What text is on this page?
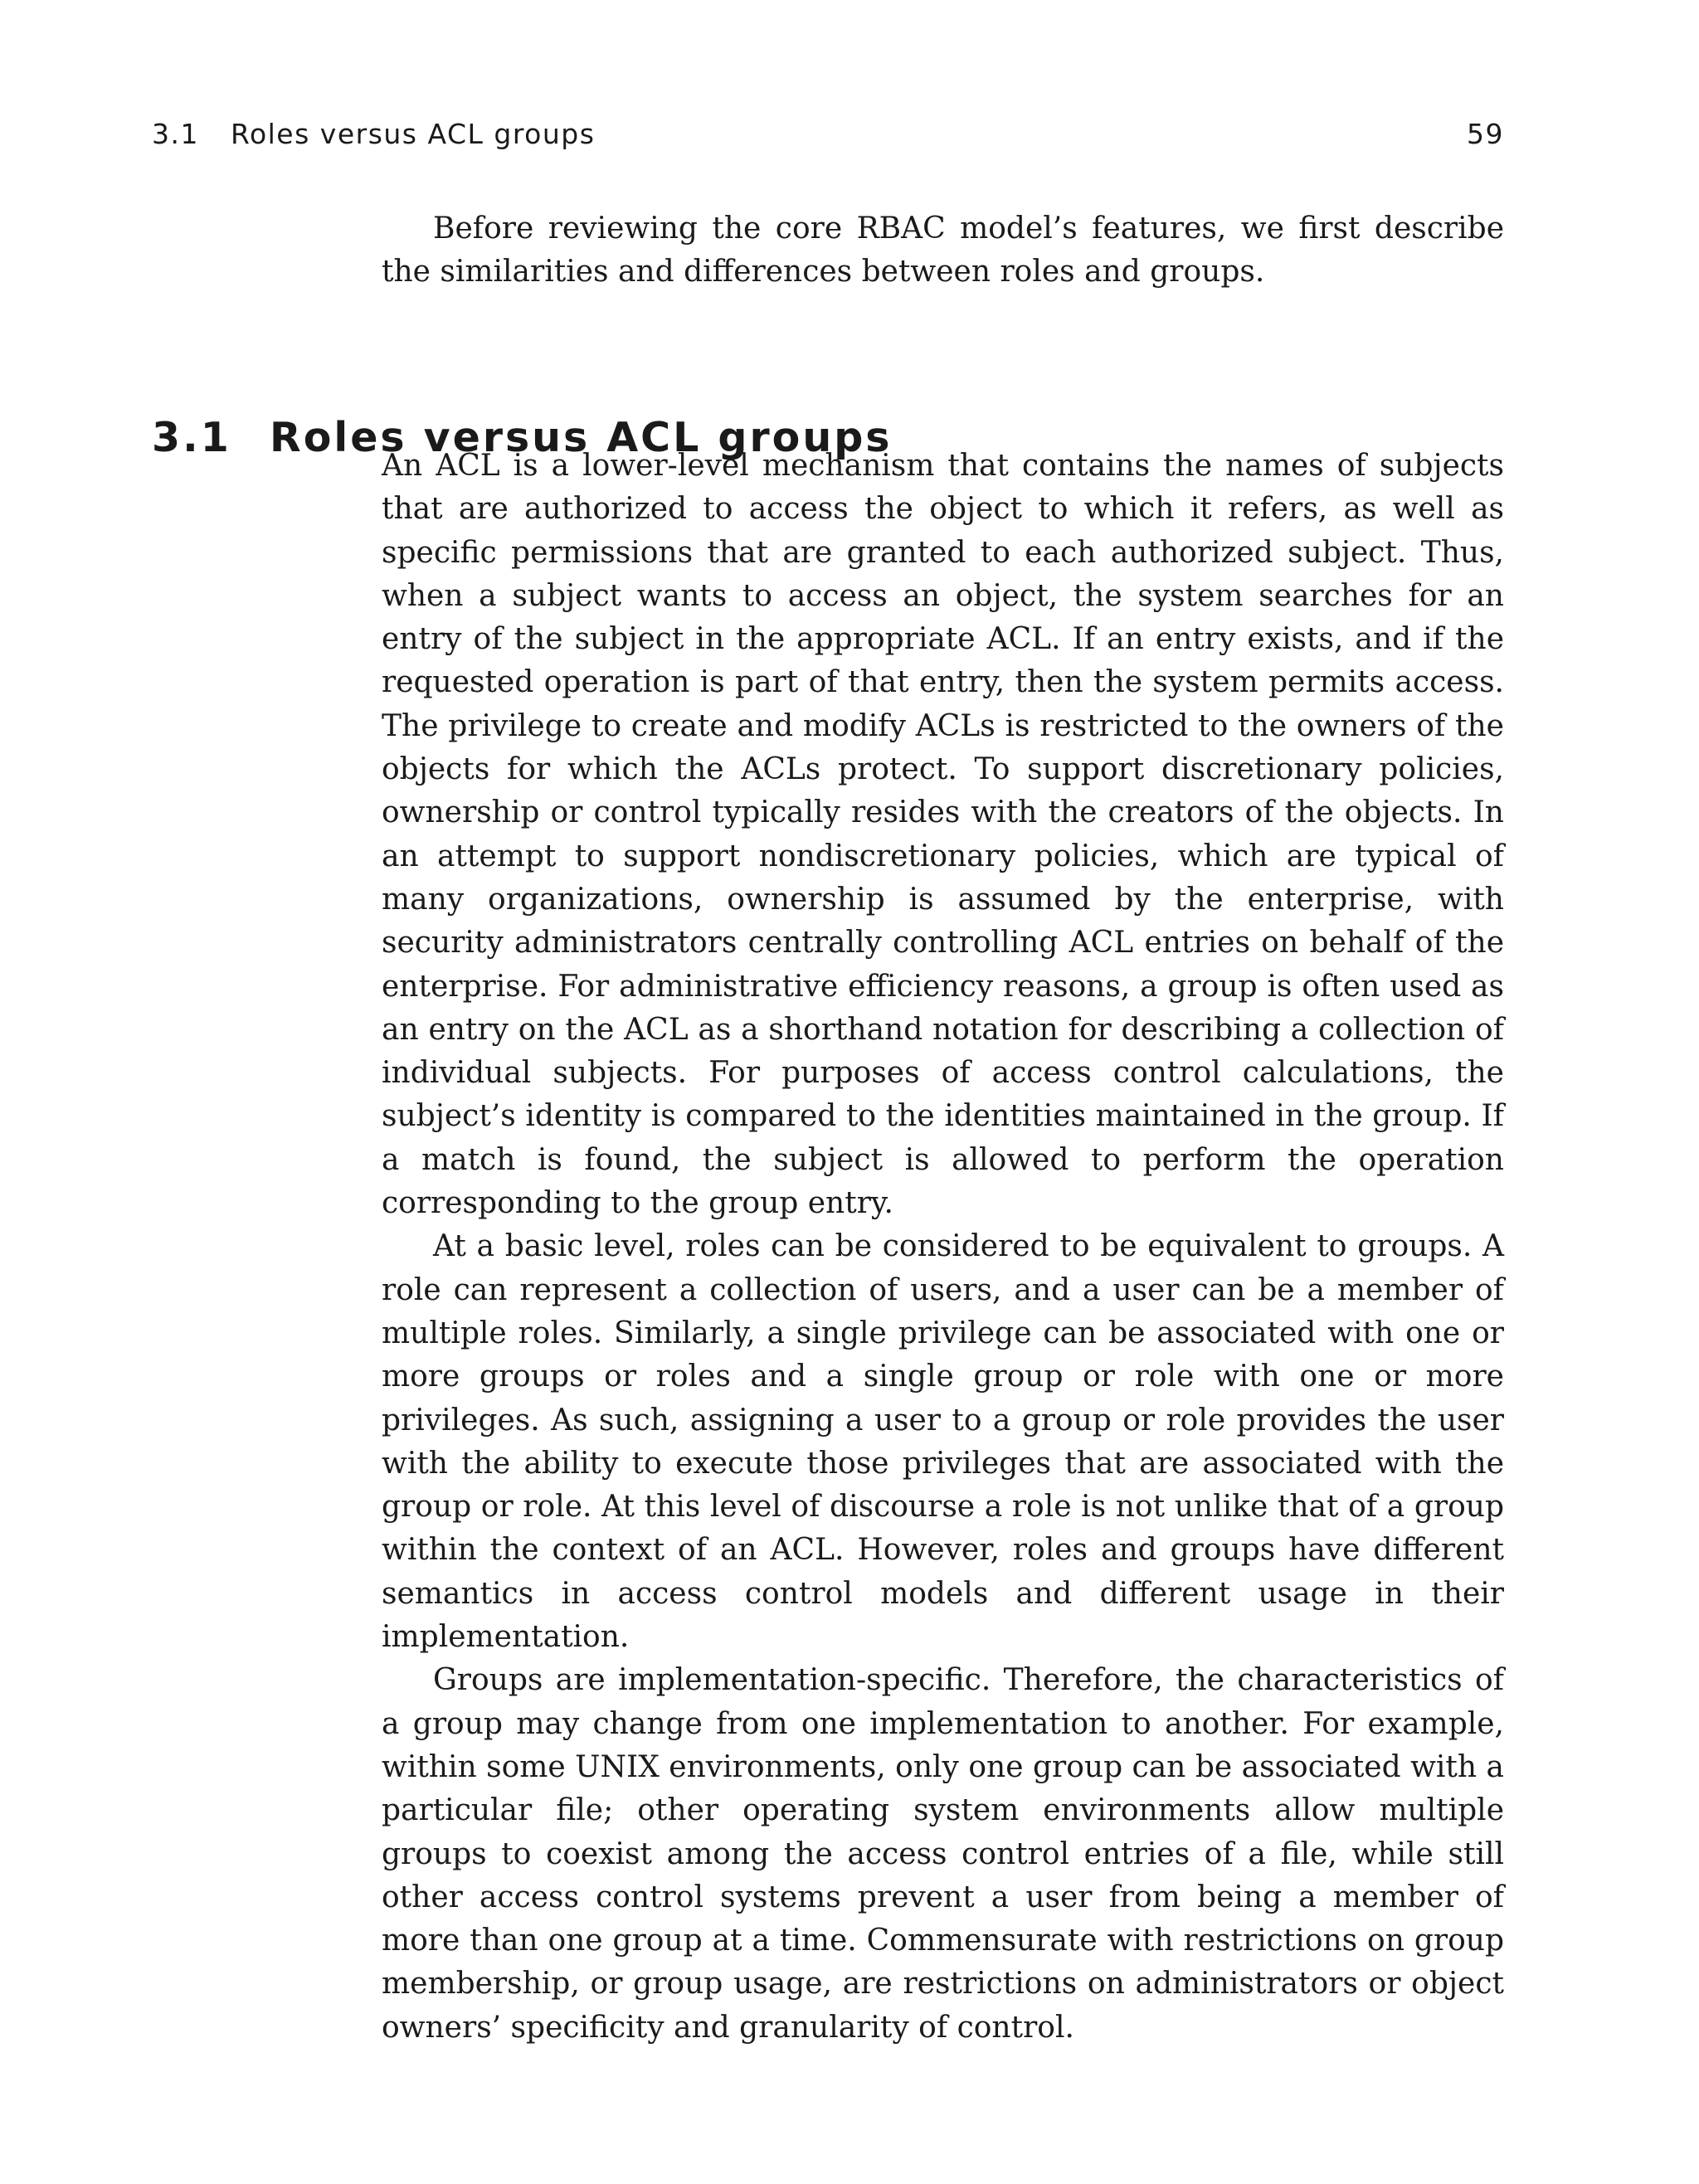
3.1 Roles versus ACL groups	59

Before reviewing the core RBAC model’s features, we first describe the similarities and differences between roles and groups.

3.1 Roles versus ACL groups

An ACL is a lower-level mechanism that contains the names of subjects that are authorized to access the object to which it refers, as well as specific permissions that are granted to each authorized subject. Thus, when a subject wants to access an object, the system searches for an entry of the subject in the appropriate ACL. If an entry exists, and if the requested operation is part of that entry, then the system permits access. The privilege to create and modify ACLs is restricted to the owners of the objects for which the ACLs protect. To support discretionary policies, ownership or control typically resides with the creators of the objects. In an attempt to support nondiscretionary policies, which are typical of many organizations, ownership is assumed by the enterprise, with security administrators centrally controlling ACL entries on behalf of the enterprise. For administrative efficiency reasons, a group is often used as an entry on the ACL as a shorthand notation for describing a collection of individual subjects. For purposes of access control calculations, the subject’s identity is compared to the identities maintained in the group. If a match is found, the subject is allowed to perform the operation corresponding to the group entry.

At a basic level, roles can be considered to be equivalent to groups. A role can represent a collection of users, and a user can be a member of multiple roles. Similarly, a single privilege can be associated with one or more groups or roles and a single group or role with one or more privileges. As such, assigning a user to a group or role provides the user with the ability to execute those privileges that are associated with the group or role. At this level of discourse a role is not unlike that of a group within the context of an ACL. However, roles and groups have different semantics in access control models and different usage in their implementation.

Groups are implementation-specific. Therefore, the characteristics of a group may change from one implementation to another. For example, within some UNIX environments, only one group can be associated with a particular file; other operating system environments allow multiple groups to coexist among the access control entries of a file, while still other access control systems prevent a user from being a member of more than one group at a time. Commensurate with restrictions on group membership, or group usage, are restrictions on administrators or object owners’ specificity and granularity of control.
